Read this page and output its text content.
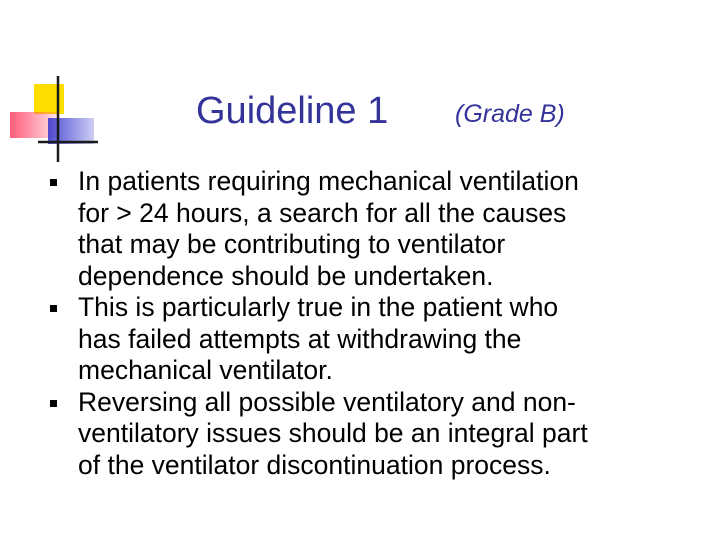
Guideline 1	(Grade B)
In patients requiring mechanical ventilation
for > 24 hours, a search for all the causes
that may be contributing to ventilator
dependence should be undertaken.
This is particularly true in the patient who
has failed attempts at withdrawing the
mechanical ventilator.
Reversing all possible ventilatory and non-
ventilatory issues should be an integral part
of the ventilator discontinuation process.
